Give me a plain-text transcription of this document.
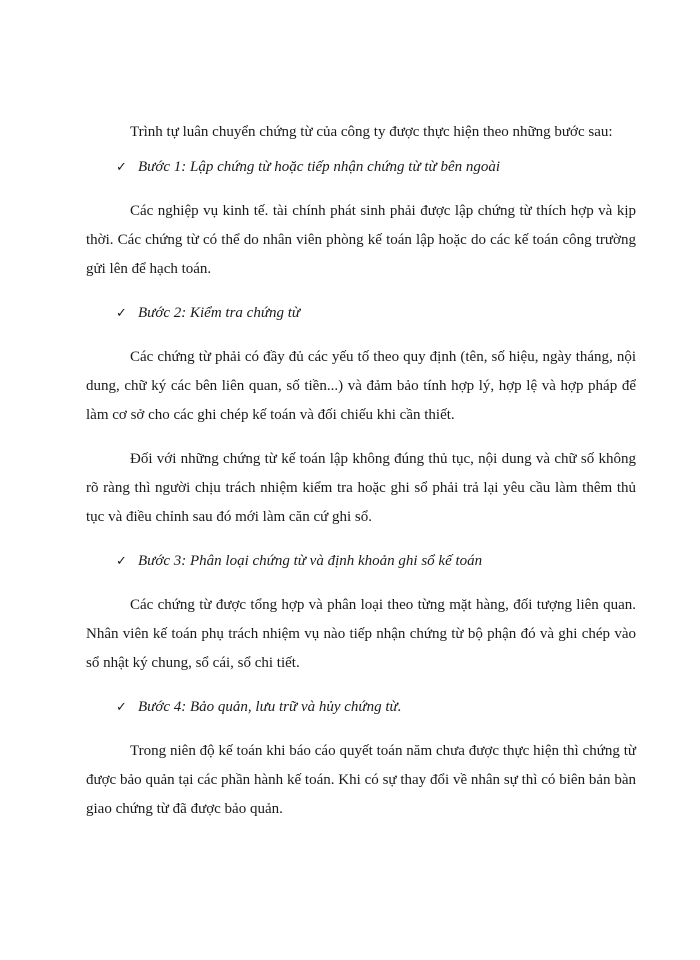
Trình tự luân chuyển chứng từ của công ty được thực hiện theo những bước sau:

✓ Bước 1: Lập chứng từ hoặc tiếp nhận chứng từ từ bên ngoài

Các nghiệp vụ kinh tế. tài chính phát sinh phải được lập chứng từ thích hợp và kịp thời. Các chứng từ có thể do nhân viên phòng kế toán lập hoặc do các kế toán công trường gửi lên để hạch toán.

✓ Bước 2: Kiểm tra chứng từ

Các chứng từ phải có đầy đủ các yếu tố theo quy định (tên, số hiệu, ngày tháng, nội dung, chữ ký các bên liên quan, số tiền...) và đảm bảo tính hợp lý, hợp lệ và hợp pháp để làm cơ sở cho các ghi chép kế toán và đối chiếu khi cần thiết.

Đối với những chứng từ kế toán lập không đúng thủ tục, nội dung và chữ số không rõ ràng thì người chịu trách nhiệm kiểm tra hoặc ghi sổ phải trả lại yêu cầu làm thêm thủ tục và điều chỉnh sau đó mới làm căn cứ ghi sổ.

✓ Bước 3: Phân loại chứng từ và định khoản ghi sổ kế toán

Các chứng từ được tổng hợp và phân loại theo từng mặt hàng, đối tượng liên quan. Nhân viên kế toán phụ trách nhiệm vụ nào tiếp nhận chứng từ bộ phận đó và ghi chép vào sổ nhật ký chung, sổ cái, sổ chi tiết.

✓ Bước 4: Bảo quản, lưu trữ và hủy chứng từ.

Trong niên độ kế toán khi báo cáo quyết toán năm chưa được thực hiện thì chứng từ được bảo quản tại các phần hành kế toán. Khi có sự thay đổi về nhân sự thì có biên bản bàn giao chứng từ đã được bảo quản.
